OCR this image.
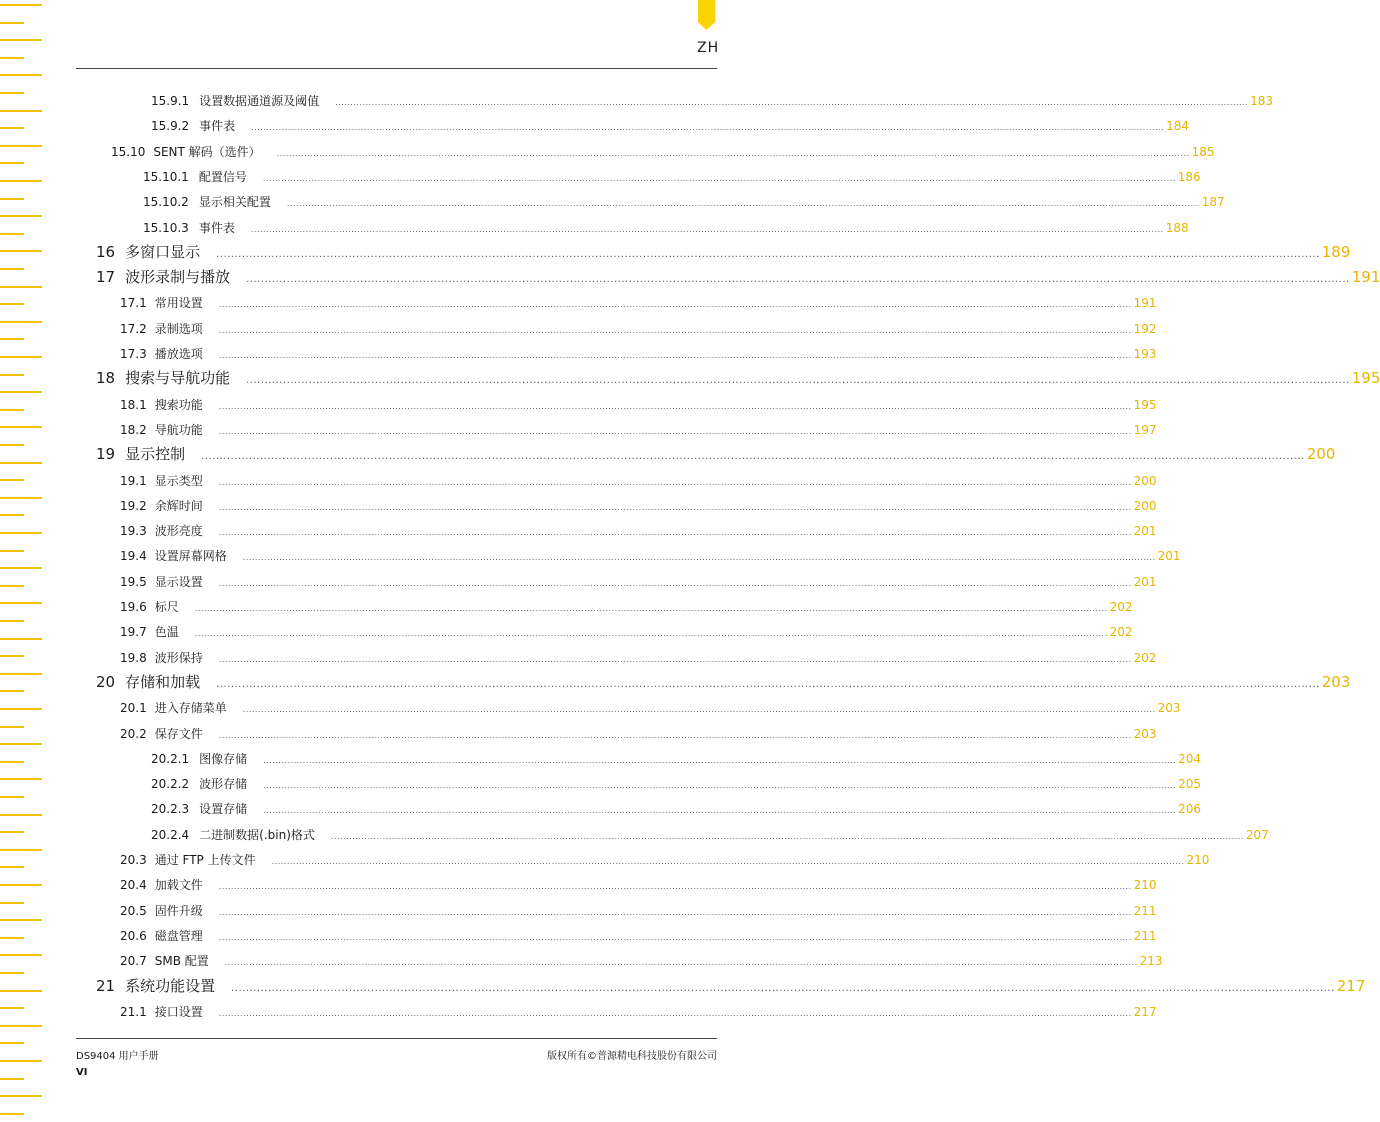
ZH
15.9.1 设置数据通道源及阈值 ............................................................................................................................................................................................................................................................................................................ 183
15.9.2 事件表 ............................................................................................................................................................................................................................................................................................................ 184
15.10 SENT 解码（选件） ............................................................................................................................................................................................................................................................................................................ 185
15.10.1 配置信号 ............................................................................................................................................................................................................................................................................................................ 186
15.10.2 显示相关配置 ............................................................................................................................................................................................................................................................................................................ 187
15.10.3 事件表 ............................................................................................................................................................................................................................................................................................................ 188
16 多窗口显示 ............................................................................................................................................................................................................................................................................................................ 189
17 波形录制与播放 ............................................................................................................................................................................................................................................................................................................ 191
17.1 常用设置 ............................................................................................................................................................................................................................................................................................................ 191
17.2 录制选项 ............................................................................................................................................................................................................................................................................................................ 192
17.3 播放选项 ............................................................................................................................................................................................................................................................................................................ 193
18 搜索与导航功能 ............................................................................................................................................................................................................................................................................................................ 195
18.1 搜索功能 ............................................................................................................................................................................................................................................................................................................ 195
18.2 导航功能 ............................................................................................................................................................................................................................................................................................................ 197
19 显示控制 ............................................................................................................................................................................................................................................................................................................ 200
19.1 显示类型 ............................................................................................................................................................................................................................................................................................................ 200
19.2 余辉时间 ............................................................................................................................................................................................................................................................................................................ 200
19.3 波形亮度 ............................................................................................................................................................................................................................................................................................................ 201
19.4 设置屏幕网格 ............................................................................................................................................................................................................................................................................................................ 201
19.5 显示设置 ............................................................................................................................................................................................................................................................................................................ 201
19.6 标尺 ............................................................................................................................................................................................................................................................................................................ 202
19.7 色温 ............................................................................................................................................................................................................................................................................................................ 202
19.8 波形保持 ............................................................................................................................................................................................................................................................................................................ 202
20 存储和加载 ............................................................................................................................................................................................................................................................................................................ 203
20.1 进入存储菜单 ............................................................................................................................................................................................................................................................................................................ 203
20.2 保存文件 ............................................................................................................................................................................................................................................................................................................ 203
20.2.1 图像存储 ............................................................................................................................................................................................................................................................................................................ 204
20.2.2 波形存储 ............................................................................................................................................................................................................................................................................................................ 205
20.2.3 设置存储 ............................................................................................................................................................................................................................................................................................................ 206
20.2.4 二进制数据(.bin)格式 ............................................................................................................................................................................................................................................................................................................ 207
20.3 通过 FTP 上传文件 ............................................................................................................................................................................................................................................................................................................ 210
20.4 加载文件 ............................................................................................................................................................................................................................................................................................................ 210
20.5 固件升级 ............................................................................................................................................................................................................................................................................................................ 211
20.6 磁盘管理 ............................................................................................................................................................................................................................................................................................................ 211
20.7 SMB 配置 ............................................................................................................................................................................................................................................................................................................ 213
21 系统功能设置 ............................................................................................................................................................................................................................................................................................................ 217
21.1 接口设置 ............................................................................................................................................................................................................................................................................................................ 217
DS9404 用户手册	版权所有©普源精电科技股份有限公司
VI
